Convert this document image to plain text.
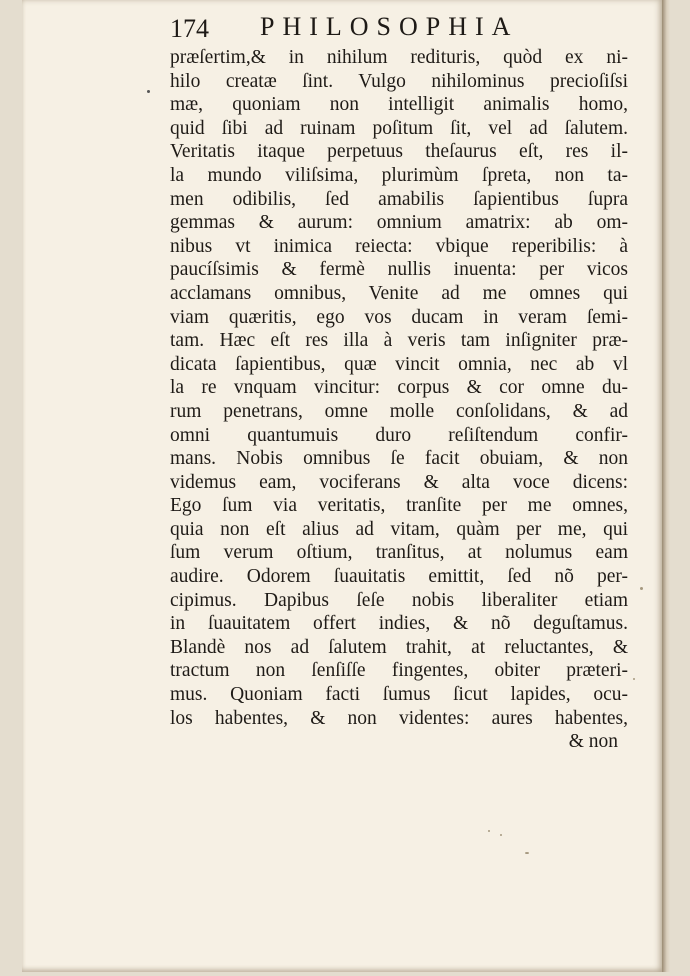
174 PHILOSOPHIA
præſertim,& in nihilum redituris, quòd ex ni-
hilo creatæ ſint. Vulgo nihilominus precioſiſsi
mæ, quoniam non intelligit animalis homo,
quid ſibi ad ruinam poſitum ſit, vel ad ſalutem.
Veritatis itaque perpetuus theſaurus eſt, res il-
la mundo viliſsima, plurimùm ſpreta, non ta-
men odibilis, ſed amabilis ſapientibus ſupra
gemmas & aurum: omnium amatrix: ab om-
nibus vt inimica reiecta: vbique reperibilis: à
paucíſsimis & fermè nullis inuenta: per vicos
acclamans omnibus, Venite ad me omnes qui
viam quæritis, ego vos ducam in veram ſemi-
tam. Hæc eſt res illa à veris tam inſigniter præ-
dicata ſapientibus, quæ vincit omnia, nec ab vl
la re vnquam vincitur: corpus & cor omne du-
rum penetrans, omne molle conſolidans, & ad
omni quantumuis duro reſiſtendum confir-
mans. Nobis omnibus ſe facit obuiam, & non
videmus eam, vociferans & alta voce dicens:
Ego ſum via veritatis, tranſite per me omnes,
quia non eſt alius ad vitam, quàm per me, qui
ſum verum oſtium, tranſitus, at nolumus eam
audire. Odorem ſuauitatis emittit, ſed nõ per-
cipimus. Dapibus ſeſe nobis liberaliter etiam
in ſuauitatem offert indies, & nõ deguſtamus.
Blandè nos ad ſalutem trahit, at reluctantes, &
tractum non ſenſiſſe fingentes, obiter præteri-
mus. Quoniam facti ſumus ſicut lapides, ocu-
los habentes, & non videntes: aures habentes,
& non
